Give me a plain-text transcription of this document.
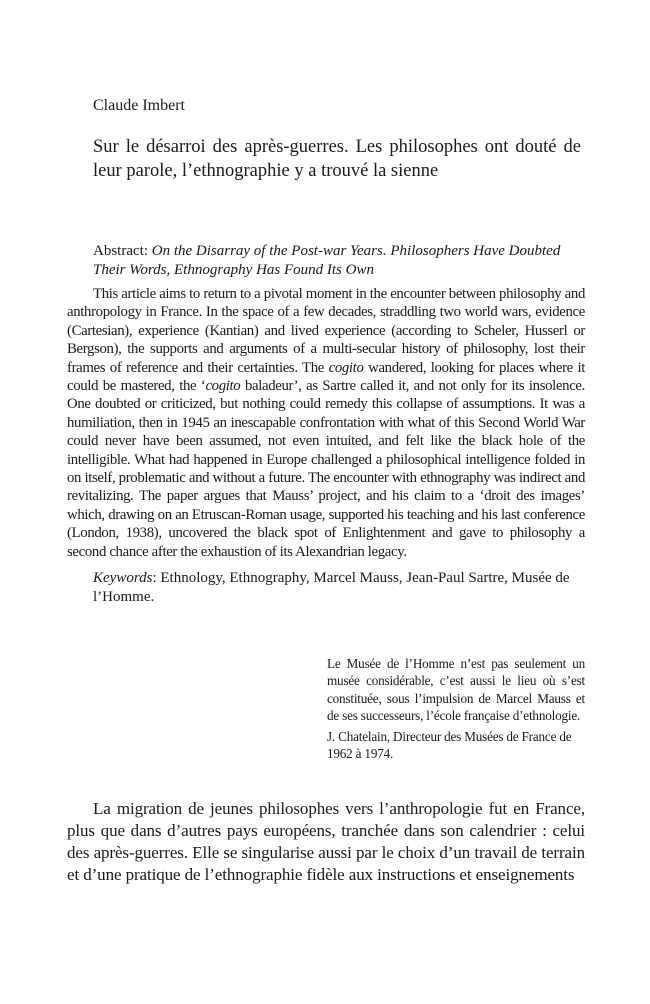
Claude Imbert
Sur le désarroi des après-guerres. Les philosophes ont douté de leur parole, l’ethnographie y a trouvé la sienne
Abstract: On the Disarray of the Post-war Years. Philosophers Have Doubted Their Words, Ethnography Has Found Its Own

This article aims to return to a pivotal moment in the encounter between philosophy and anthropology in France. In the space of a few decades, straddling two world wars, evidence (Cartesian), experience (Kantian) and lived experience (according to Scheler, Husserl or Bergson), the supports and arguments of a multi-secular history of philosophy, lost their frames of reference and their certainties. The cogito wandered, looking for places where it could be mastered, the ‘cogito baladeur’, as Sartre called it, and not only for its insolence. One doubted or criticized, but nothing could remedy this collapse of assumptions. It was a humiliation, then in 1945 an inescapable confrontation with what of this Second World War could never have been assumed, not even intuited, and felt like the black hole of the intelligible. What had happened in Europe challenged a philosophical intelligence folded in on itself, problematic and without a future. The encounter with ethnography was indirect and revitalizing. The paper argues that Mauss’ project, and his claim to a ‘droit des images’ which, drawing on an Etruscan-Roman usage, supported his teaching and his last conference (London, 1938), uncovered the black spot of Enlightenment and gave to philosophy a second chance after the exhaustion of its Alexandrian legacy.

Keywords: Ethnology, Ethnography, Marcel Mauss, Jean-Paul Sartre, Musée de l’Homme.

Le Musée de l’Homme n’est pas seulement un musée considérable, c’est aussi le lieu où s’est constituée, sous l’impulsion de Marcel Mauss et de ses successeurs, l’école française d’ethnologie.

J. Chatelain, Directeur des Musées de France de 1962 à 1974.

La migration de jeunes philosophes vers l’anthropologie fut en France, plus que dans d’autres pays européens, tranchée dans son calendrier : celui des après-guerres. Elle se singularise aussi par le choix d’un travail de terrain et d’une pratique de l’ethnographie fidèle aux instructions et enseignements
